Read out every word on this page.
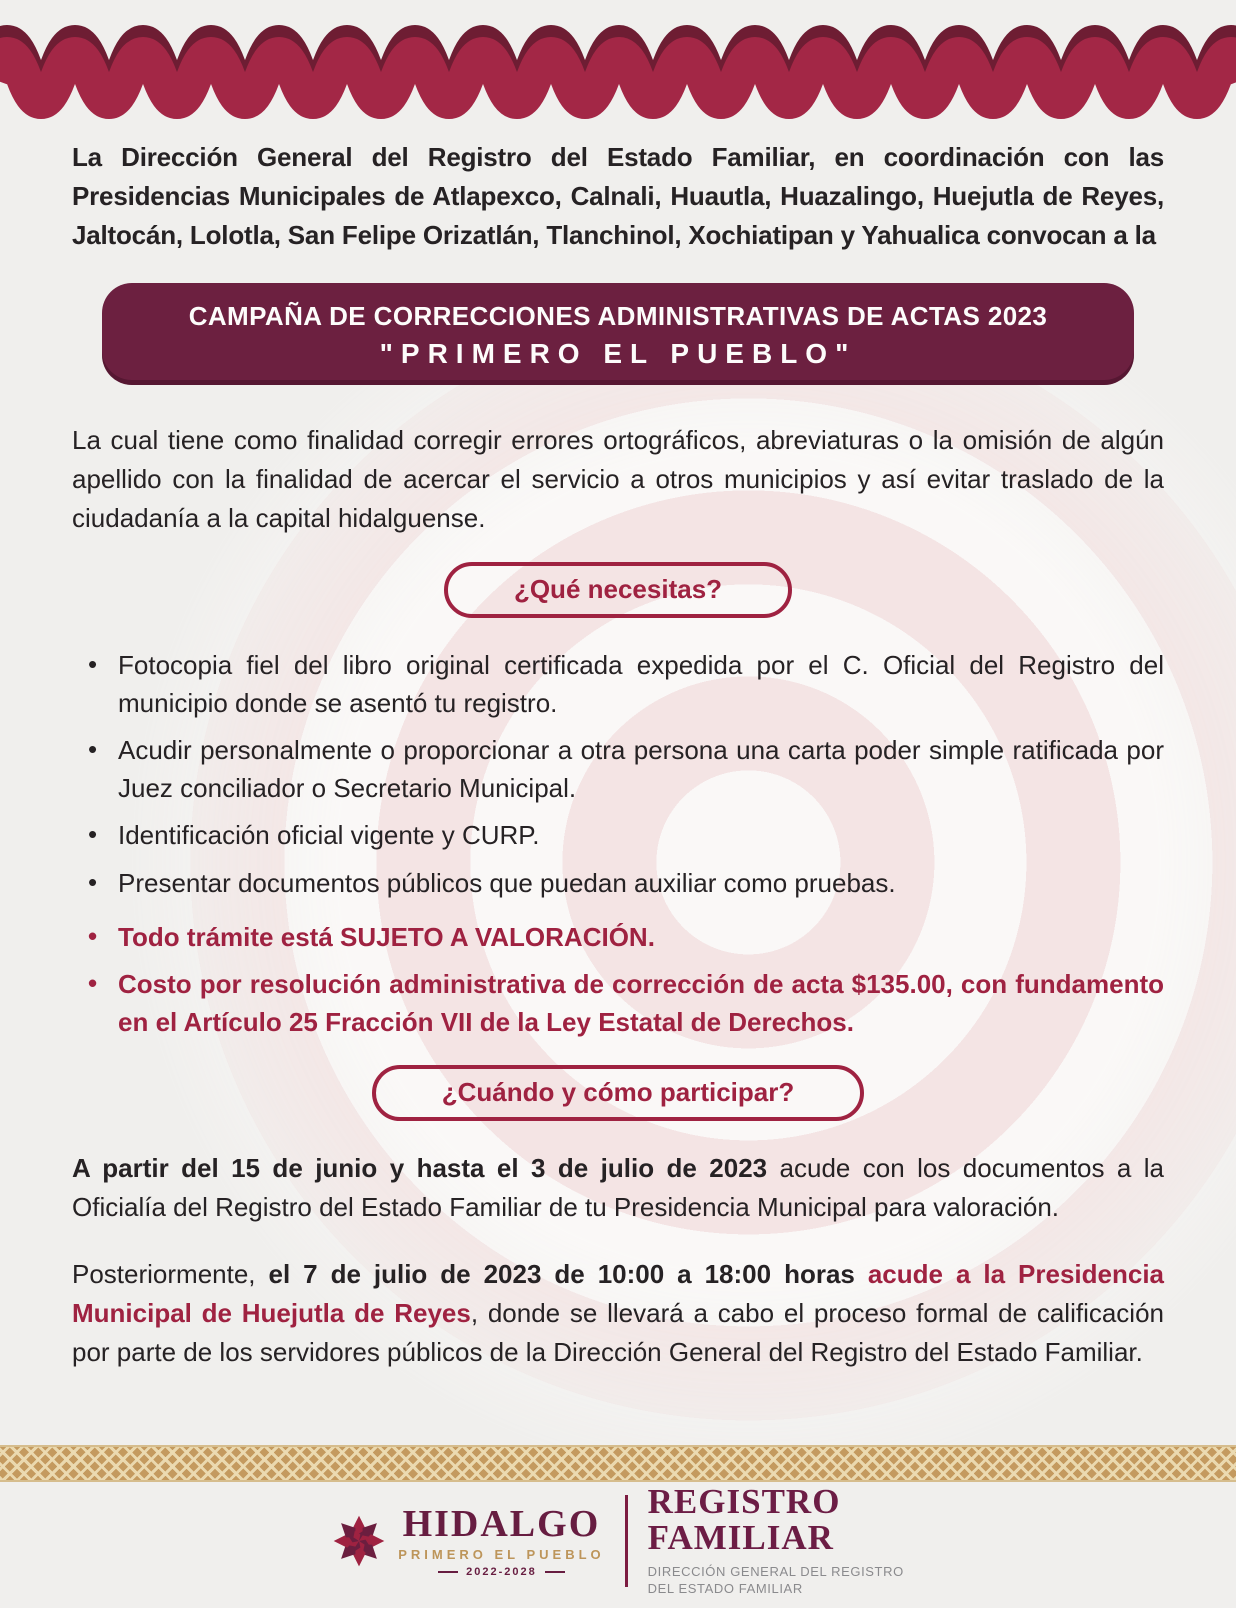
La Dirección General del Registro del Estado Familiar, en coordinación con las Presidencias Municipales de Atlapexco, Calnali, Huautla, Huazalingo, Huejutla de Reyes, Jaltocán, Lolotla, San Felipe Orizatlán, Tlanchinol, Xochiatipan y Yahualica convocan a la

CAMPAÑA DE CORRECCIONES ADMINISTRATIVAS DE ACTAS 2023
"PRIMERO EL PUEBLO"

La cual tiene como finalidad corregir errores ortográficos, abreviaturas o la omisión de algún apellido con la finalidad de acercar el servicio a otros municipios y así evitar traslado de la ciudadanía a la capital hidalguense.

¿Qué necesitas?
• Fotocopia fiel del libro original certificada expedida por el C. Oficial del Registro del municipio donde se asentó tu registro.
• Acudir personalmente o proporcionar a otra persona una carta poder simple ratificada por Juez conciliador o Secretario Municipal.
• Identificación oficial vigente y CURP.
• Presentar documentos públicos que puedan auxiliar como pruebas.
• Todo trámite está SUJETO A VALORACIÓN.
• Costo por resolución administrativa de corrección de acta $135.00, con fundamento en el Artículo 25 Fracción VII de la Ley Estatal de Derechos.
¿Cuándo y cómo participar?

A partir del 15 de junio y hasta el 3 de julio de 2023 acude con los documentos a la Oficialía del Registro del Estado Familiar de tu Presidencia Municipal para valoración.

Posteriormente, el 7 de julio de 2023 de 10:00 a 18:00 horas acude a la Presidencia Municipal de Huejutla de Reyes, donde se llevará a cabo el proceso formal de calificación por parte de los servidores públicos de la Dirección General del Registro del Estado Familiar.

HIDALGO
PRIMERO EL PUEBLO
2022-2028
REGISTRO
FAMILIAR
DIRECCIÓN GENERAL DEL REGISTRO
DEL ESTADO FAMILIAR
